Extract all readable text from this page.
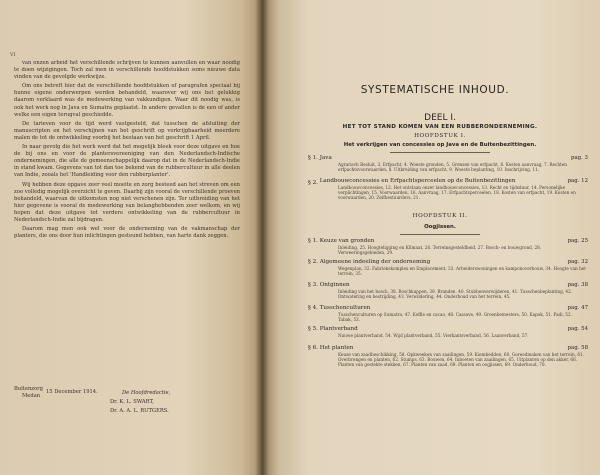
VI

van onzen arbeid het verschillende schrijven te kunnen aanvullen en waar noodig te doen wijzigingen. Toch zal men in verschillende hoofdstukken soms nieuwe data vinden van de gevolgde werkwijze.

Om ons betreft hier dat de verschillende hoofdstukken of paragrafen speciaal bij hunne eigene onderwerpen werden behandeld, waarover wij ons het gelukkig daarom verklaard was de medewerking van vakkundigen. Waar dit noodig was, is ook het werk nog in Java en Sumatra geplaatst. In andere gevallen is de een of ander welke een eigen terugval geschiedde.

De tarieven voor de tijd werd vastgesteld, dat tusschen de afsluiting der manuscripten en het verschijnen van het geschrift op verkrijgbaarheid meerdere malen de tot de ontwikkeling voorbij het bestaan van het geschrift 1 April.

In naar gevolg die het werk werd dat het mogelijk bleek voor deze uitgave en hoe de bij ons en voor de plantersvereeniging van den Nederlandsch-Indische ondernemingen, die alle de gemeenschappelijk daarop dat in de Nederlandsch-Indie in stand kwam. Gegevens van tot dan toe bekend van de rubbercultuur in alle deelen van Indie, zooals het 'Handleiding voor den rubberplanter'.

Wij hebben deze opgave zeer veel moeite en zorg besteed aan het streven om een zoo volledig mogelijk overzicht te geven. Daarbij zijn vooral de verschillende proeven behandeld, waarvan de uitkomsten nog niet verschenen zijn. Ter uitbreiding van het hier gegevene is vooral de medewerking van belanghebbenden zeer welkom, en wij hopen dat deze uitgave tot verdere ontwikkeling van de rubbercultuur in Nederlandsch-Indie zal bijdragen.

Daarom mag men ook wel voor de onderneming van de vakmanschap der planters, die ons door hun inlichtingen gesteund hebben, van harte dank zeggen.

De Hoofdredactie,
Dr. K. L. SWART,
Dr. A. A. L. RUTGERS.
Buitenzorg
Medan
15 December 1914.
SYSTEMATISCHE INHOUD.
DEEL I.
HET TOT STAND KOMEN VAN EEN RUBBERONDERNEMING.
HOOFDSTUK I.
Het verkrijgen van concessies op Java en de Buitenbezittingen.
§ 1. Java	pag. 3
Agrarisch Besluit, 3. Erfpacht, 4. Woeste gronden, 5. Grenzen van erfpacht, 6. Kosten aanvraag, 7. Rechten erfpachtsvoorwaarden, 8. Uitbreiding van erfpacht, 9. Woeste beplanting, 10. Inschrijving, 11.
§ 2. Landbouwconcessies en Erfpachtsperceelen op de Buitenbezittingen	pag. 12
Landbouwconcessies, 12. Het ontstaan onzer landbouwconcessies, 13. Recht en tijdsduur, 14. Personelijke verplichtingen, 15. Voorwaarden, 16. Aanvraag, 17. Erfpachtsperceelen, 18. Kosten van erfpacht, 19. Kosten en voorwaarden, 20. Zelfbestuurders, 21.
HOOFDSTUK II.
Oogjissen.
§ 1. Keuze van gronden	pag. 25
Inleiding, 25. Hoogteligging en Klimaat, 26. Terreinsgesteldheid, 27. Bosch- en bouwgrond, 28. Verweeringsgebieden, 29.
§ 2. Algemeene indeeling der onderneming	pag. 32
Wegenplan, 32. Fabriekskomplex en Emplacement, 33. Arbeiderswoningen en kamponoverbouw, 34. Hoogte van het terrein, 35.
§ 3. Ontginnen	pag. 38
Inleiding van het bosch, 38. Boschkappen, 39. Branden, 40. Stubbenverwijderen, 41. Tusschenbeplanting, 42. Ontwatering en bestrijding, 43. Verwildering, 44. Onderhoud van het terrein, 45.
§ 4. Tusschenculturen	pag. 47
Tusschenculturen op Sumatra, 47. Koffie en cacao, 48. Cassave, 49. Groenbemesters, 50. Kapok, 51. Padi, 52. Tabak, 53.
§ 5. Plantverband	pag. 54
Nauwe plantverband, 54. Wijd plantverband, 55. Vierkantsverband, 56. Laanverband, 57.
§ 6. Het planten	pag. 58
Keuze van zaadbeschikking, 58. Opkweeken van zaailingen, 59. Kiembedden, 60. Gereedmaken van het terrein, 61. Overbrengen en planten, 62. Stumps, 63. Bouwen, 64. Inboeten van zaailingen, 65. Uitplanten op den akker, 66. Planten van gestekte stekken, 67. Planten van zaad, 68. Planten en oogjissen, 69. Onderhoud, 70.
